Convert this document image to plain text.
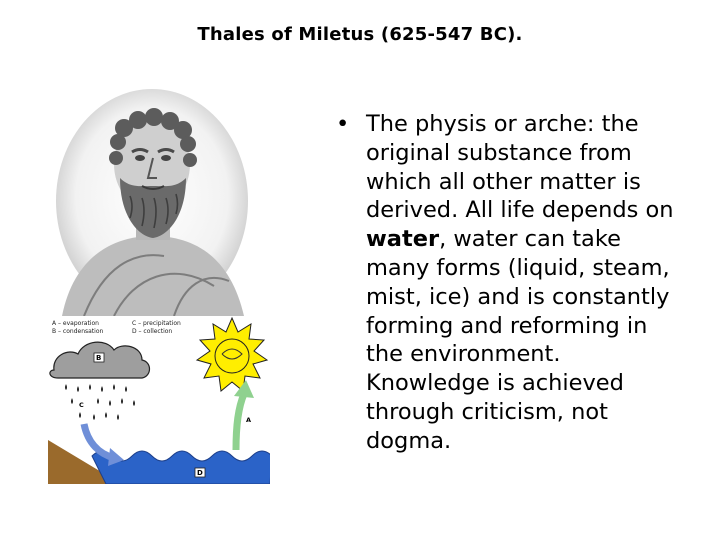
Thales of Miletus (625-547 BC).
A – evaporation
B – condensation
C – precipitation
D – collection
B
C
D
A
• The physis or arche: the original substance from which all other matter is derived. All life depends on water, water can take many forms (liquid, steam, mist, ice) and is constantly forming and reforming in the environment. Knowledge is achieved through criticism, not dogma.
